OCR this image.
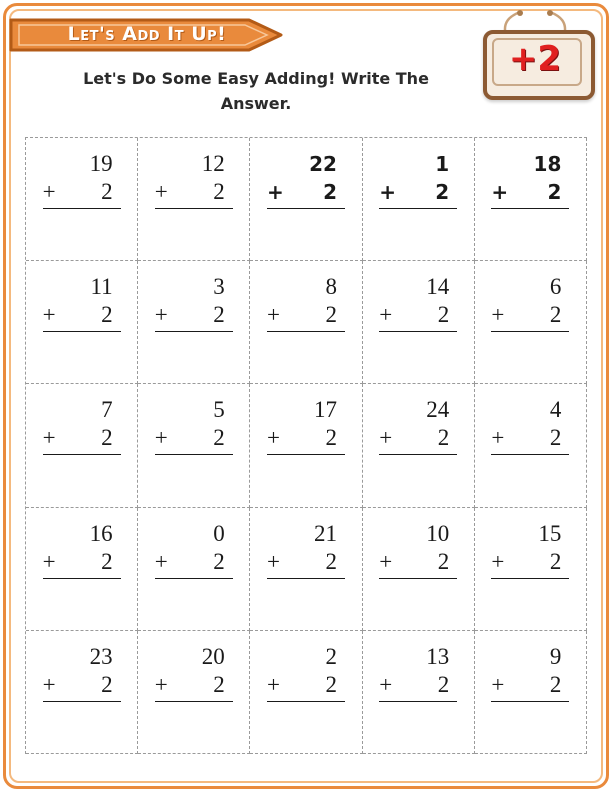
Let's Add It Up!
+2
Let's Do Some Easy Adding! Write The Answer.
19
+ 2
12
+ 2
22
+ 2
1
+ 2
18
+ 2
11
+ 2
3
+ 2
8
+ 2
14
+ 2
6
+ 2
7
+ 2
5
+ 2
17
+ 2
24
+ 2
4
+ 2
16
+ 2
0
+ 2
21
+ 2
10
+ 2
15
+ 2
23
+ 2
20
+ 2
2
+ 2
13
+ 2
9
+ 2
